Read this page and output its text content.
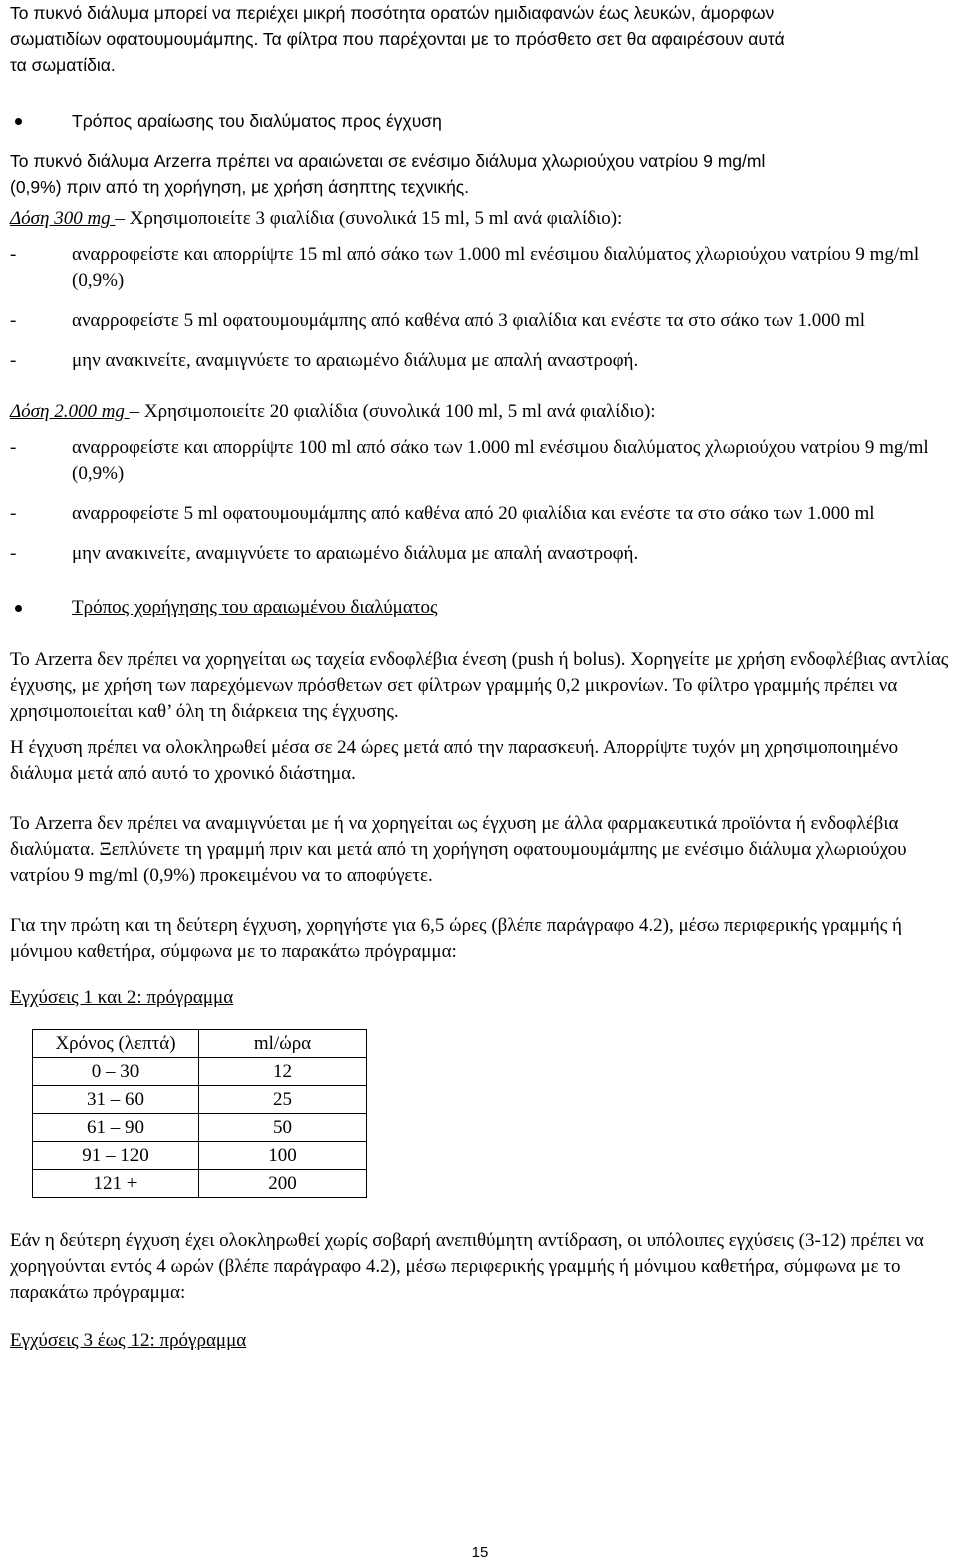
Το πυκνό διάλυμα μπορεί να περιέχει μικρή ποσότητα ορατών ημιδιαφανών έως λευκών, άμορφων

σωματιδίων οφατουμουμάμπης. Τα φίλτρα που παρέχονται με το πρόσθετο σετ θα αφαιρέσουν αυτά

τα σωματίδια.

Τρόπος αραίωσης του διαλύματος προς έγχυση

Το πυκνό διάλυμα Arzerra πρέπει να αραιώνεται σε ενέσιμο διάλυμα χλωριούχου νατρίου 9 mg/ml

(0,9%) πριν από τη χορήγηση, με χρήση άσηπτης τεχνικής.

Δόση 300 mg – Χρησιμοποιείτε 3 φιαλίδια (συνολικά 15 ml, 5 ml ανά φιαλίδιο):

-	αναρροφείστε και απορρίψτε 15 ml από σάκο των 1.000 ml ενέσιμου διαλύματος χλωριούχου νατρίου 9 mg/ml (0,9%)
-	αναρροφείστε 5 ml οφατουμουμάμπης από καθένα από 3 φιαλίδια και ενέστε τα στο σάκο των 1.000 ml
-	μην ανακινείτε, αναμιγνύετε το αραιωμένο διάλυμα με απαλή αναστροφή.

Δόση 2.000 mg – Χρησιμοποιείτε 20 φιαλίδια (συνολικά 100 ml, 5 ml ανά φιαλίδιο):

-	αναρροφείστε και απορρίψτε 100 ml από σάκο των 1.000 ml ενέσιμου διαλύματος χλωριούχου νατρίου 9 mg/ml (0,9%)
-	αναρροφείστε 5 ml οφατουμουμάμπης από καθένα από 20 φιαλίδια και ενέστε τα στο σάκο των 1.000 ml
-	μην ανακινείτε, αναμιγνύετε το αραιωμένο διάλυμα με απαλή αναστροφή.
Τρόπος χορήγησης του αραιωμένου διαλύματος

Το Arzerra δεν πρέπει να χορηγείται ως ταχεία ενδοφλέβια ένεση (push ή bolus). Χορηγείτε με χρήση ενδοφλέβιας αντλίας έγχυσης, με χρήση των παρεχόμενων πρόσθετων σετ φίλτρων γραμμής 0,2 μικρονίων. Το φίλτρο γραμμής πρέπει να χρησιμοποιείται καθ’ όλη τη διάρκεια της έγχυσης.

Η έγχυση πρέπει να ολοκληρωθεί μέσα σε 24 ώρες μετά από την παρασκευή. Απορρίψτε τυχόν μη χρησιμοποιημένο διάλυμα μετά από αυτό το χρονικό διάστημα.

Το Arzerra δεν πρέπει να αναμιγνύεται με ή να χορηγείται ως έγχυση με άλλα φαρμακευτικά προϊόντα ή ενδοφλέβια διαλύματα. Ξεπλύνετε τη γραμμή πριν και μετά από τη χορήγηση οφατουμουμάμπης με ενέσιμο διάλυμα χλωριούχου νατρίου 9 mg/ml (0,9%) προκειμένου να το αποφύγετε.

Για την πρώτη και τη δεύτερη έγχυση, χορηγήστε για 6,5 ώρες (βλέπε παράγραφο 4.2), μέσω περιφερικής γραμμής ή μόνιμου καθετήρα, σύμφωνα με το παρακάτω πρόγραμμα:

Εγχύσεις 1 και 2: πρόγραμμα

Χρόνος (λεπτά)	ml/ώρα
0 – 30	12
31 – 60	25
61 – 90	50
91 – 120	100
121 +	200

Εάν η δεύτερη έγχυση έχει ολοκληρωθεί χωρίς σοβαρή ανεπιθύμητη αντίδραση, οι υπόλοιπες εγχύσεις (3-12) πρέπει να χορηγούνται εντός 4 ωρών (βλέπε παράγραφο 4.2), μέσω περιφερικής γραμμής ή μόνιμου καθετήρα, σύμφωνα με το παρακάτω πρόγραμμα:

Εγχύσεις 3 έως 12: πρόγραμμα

15
